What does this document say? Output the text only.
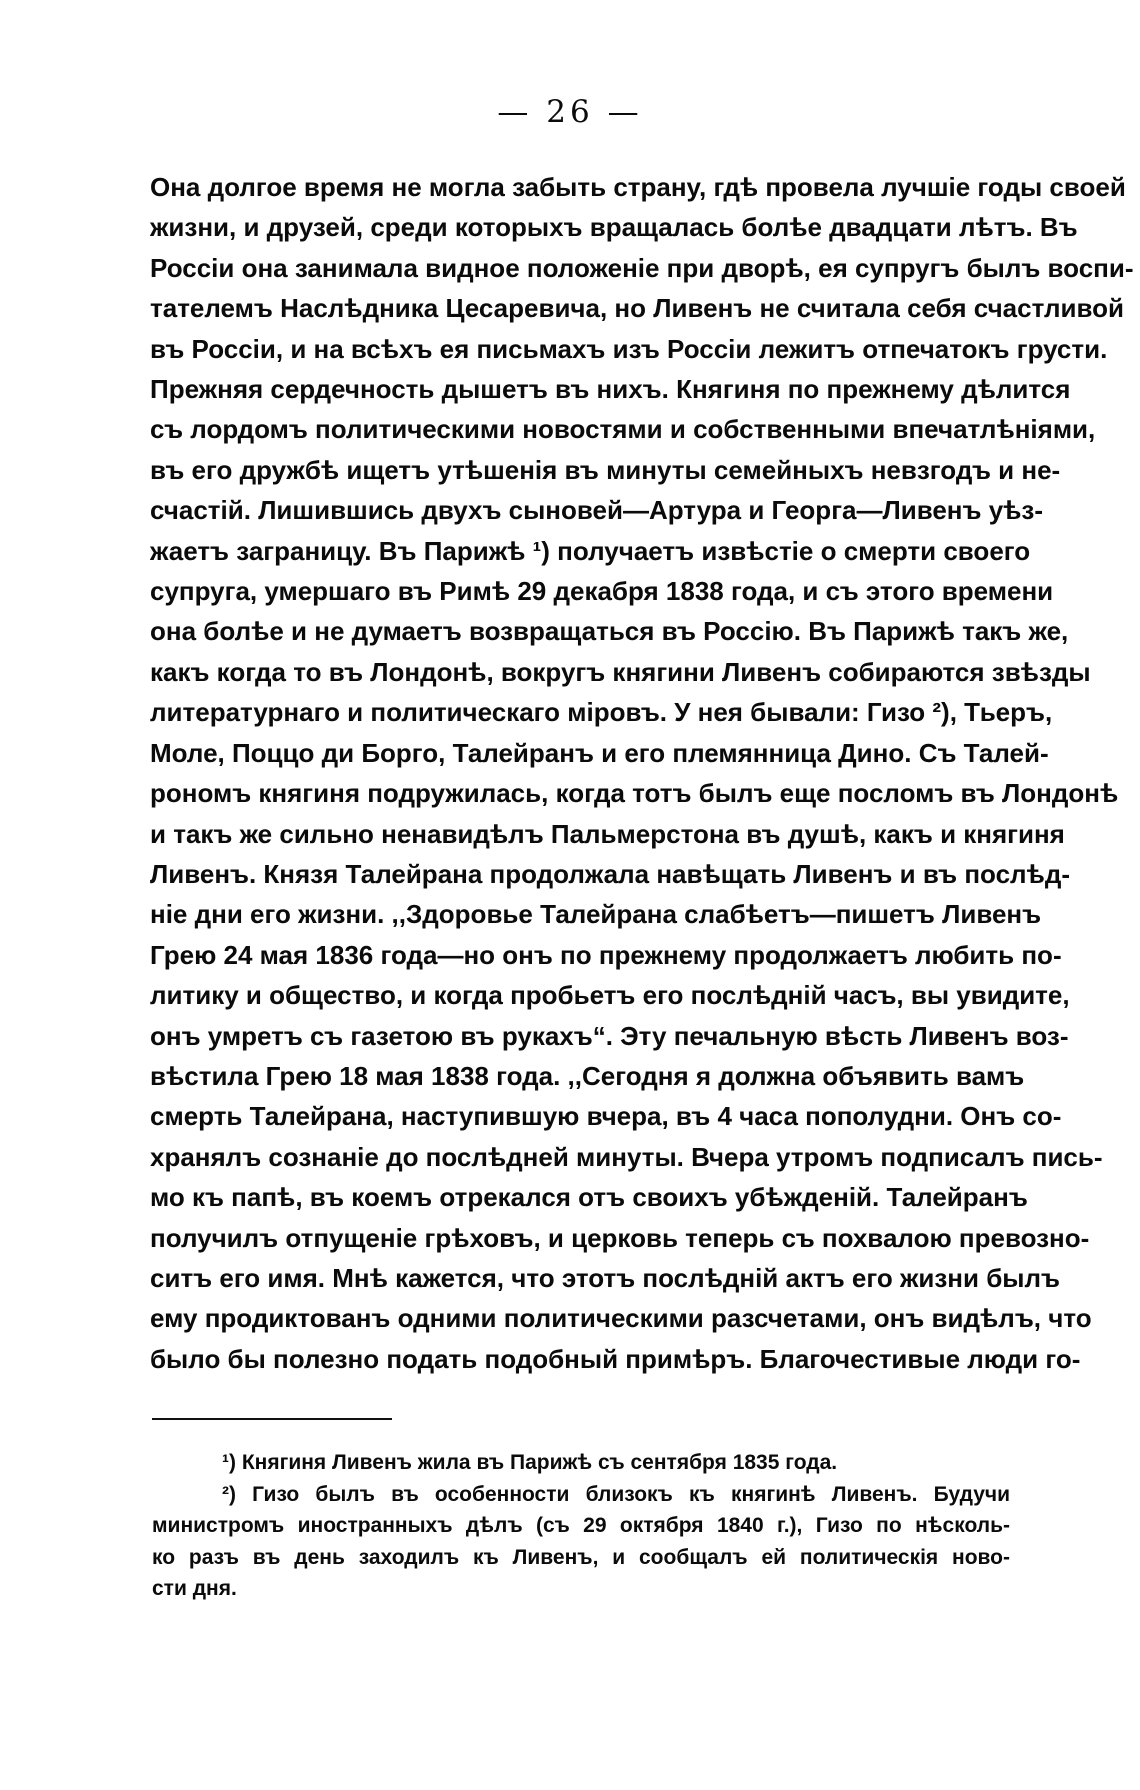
— 26 —
Она долгое время не могла забыть страну, гдѣ провела лучшіе годы своей
жизни, и друзей, среди которыхъ вращалась болѣе двадцати лѣтъ. Въ
Россіи она занимала видное положеніе при дворѣ, ея супругъ былъ воспи-
тателемъ Наслѣдника Цесаревича, но Ливенъ не считала себя счастливой
въ Россіи, и на всѣхъ ея письмахъ изъ Россіи лежитъ отпечатокъ грусти.
Прежняя сердечность дышетъ въ нихъ. Княгиня по прежнему дѣлится
съ лордомъ политическими новостями и собственными впечатлѣніями,
въ его дружбѣ ищетъ утѣшенія въ минуты семейныхъ невзгодъ и не-
счастій. Лишившись двухъ сыновей—Артура и Георга—Ливенъ уѣз-
жаетъ заграницу. Въ Парижѣ ¹) получаетъ извѣстіе о смерти своего
супруга, умершаго въ Римѣ 29 декабря 1838 года, и съ этого времени
она болѣе и не думаетъ возвращаться въ Россію. Въ Парижѣ такъ же,
какъ когда то въ Лондонѣ, вокругъ княгини Ливенъ собираются звѣзды
литературнаго и политическаго міровъ. У нея бывали: Гизо ²), Тьеръ,
Моле, Поццо ди Борго, Талейранъ и его племянница Дино. Съ Талей-
рономъ княгиня подружилась, когда тотъ былъ еще посломъ въ Лондонѣ
и такъ же сильно ненавидѣлъ Пальмерстона въ душѣ, какъ и княгиня
Ливенъ. Князя Талейрана продолжала навѣщать Ливенъ и въ послѣд-
ніе дни его жизни. ,,Здоровье Талейрана слабѣетъ—пишетъ Ливенъ
Грею 24 мая 1836 года—но онъ по прежнему продолжаетъ любить по-
литику и общество, и когда пробьетъ его послѣдній часъ, вы увидите,
онъ умретъ съ газетою въ рукахъ“. Эту печальную вѣсть Ливенъ воз-
вѣстила Грею 18 мая 1838 года. ,,Сегодня я должна объявить вамъ
смерть Талейрана, наступившую вчера, въ 4 часа пополудни. Онъ со-
хранялъ сознаніе до послѣдней минуты. Вчера утромъ подписалъ пись-
мо къ папѣ, въ коемъ отрекался отъ своихъ убѣжденій. Талейранъ
получилъ отпущеніе грѣховъ, и церковь теперь съ похвалою превозно-
ситъ его имя. Мнѣ кажется, что этотъ послѣдній актъ его жизни былъ
ему продиктованъ одними политическими разсчетами, онъ видѣлъ, что
было бы полезно подать подобный примѣръ. Благочестивые люди го-
¹) Княгиня Ливенъ жила въ Парижѣ съ сентября 1835 года.
²) Гизо былъ въ особенности близокъ къ княгинѣ Ливенъ. Будучи
министромъ иностранныхъ дѣлъ (съ 29 октября 1840 г.), Гизо по нѣсколь-
ко разъ въ день заходилъ къ Ливенъ, и сообщалъ ей политическія ново-
сти дня.
